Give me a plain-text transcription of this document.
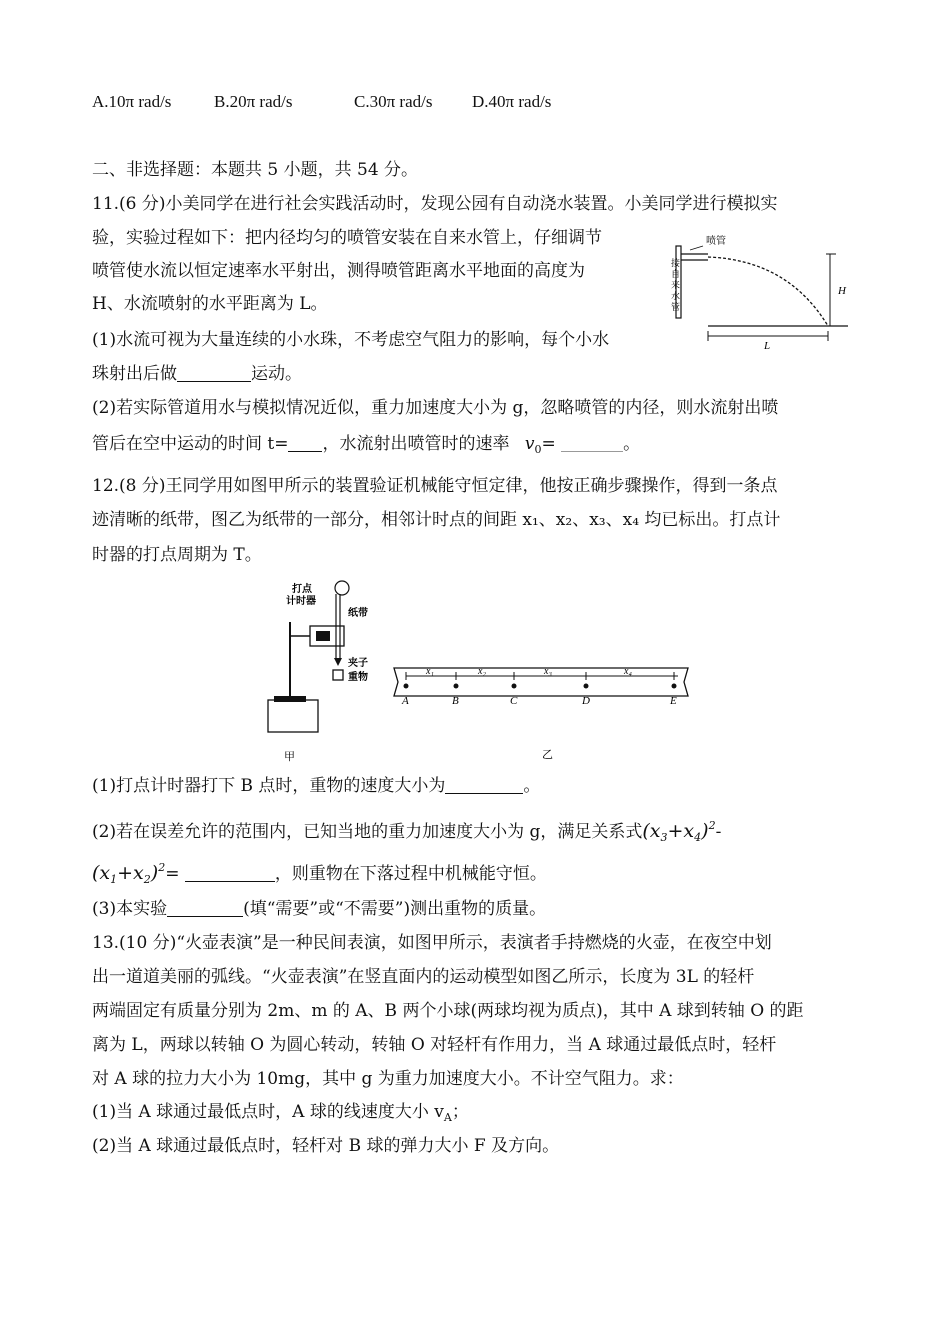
A.10π rad/s	B.20π rad/s	C.30π rad/s D.40π rad/s
二、非选择题：本题共 5 小题，共 54 分。
11.(6 分)小美同学在进行社会实践活动时，发现公园有自动浇水装置。小美同学进行模拟实
验，实验过程如下：把内径均匀的喷管安装在自来水管上，仔细调节
喷管使水流以恒定速率水平射出，测得喷管距离水平地面的高度为
H、水流喷射的水平距离为 L。
(1)水流可视为大量连续的小水珠，不考虑空气阻力的影响，每个小水
珠射出后做	运动。
(2)若实际管道用水与模拟情况近似，重力加速度大小为 g，忽略喷管的内径，则水流射出喷
管后在空中运动的时间 t= ，水流射出喷管时的速率 $v_0=$	。
喷管
接
自
来
水
管
H
L
12.(8 分)王同学用如图甲所示的装置验证机械能守恒定律，他按正确步骤操作，得到一条点
迹清晰的纸带，图乙为纸带的一部分，相邻计时点的间距 x₁、x₂、x₃、x₄ 均已标出。打点计
时器的打点周期为 T。
打点
计时器
纸带
夹子
重物
甲
x₁	x₂	x₃	x₄
A	B	C	D	E
乙
(1)打点计时器打下 B 点时，重物的速度大小为	。
(2)若在误差允许的范围内，已知当地的重力加速度大小为 g，满足关系式$(x_3+x_4)^2-$
$(x_1+x_2)^2=$	，则重物在下落过程中机械能守恒。
(3)本实验	(填“需要”或“不需要”)测出重物的质量。
13.(10 分)“火壶表演”是一种民间表演，如图甲所示，表演者手持燃烧的火壶，在夜空中划
出一道道美丽的弧线。“火壶表演”在竖直面内的运动模型如图乙所示，长度为 3L 的轻杆
两端固定有质量分别为 2m、m 的 A、B 两个小球(两球均视为质点)，其中 A 球到转轴 O 的距
离为 L，两球以转轴 O 为圆心转动，转轴 O 对轻杆有作用力，当 A 球通过最低点时，轻杆
对 A 球的拉力大小为 10mg，其中 g 为重力加速度大小。不计空气阻力。求：
(1)当 A 球通过最低点时，A 球的线速度大小 $v_A$；
(2)当 A 球通过最低点时，轻杆对 B 球的弹力大小 F 及方向。
